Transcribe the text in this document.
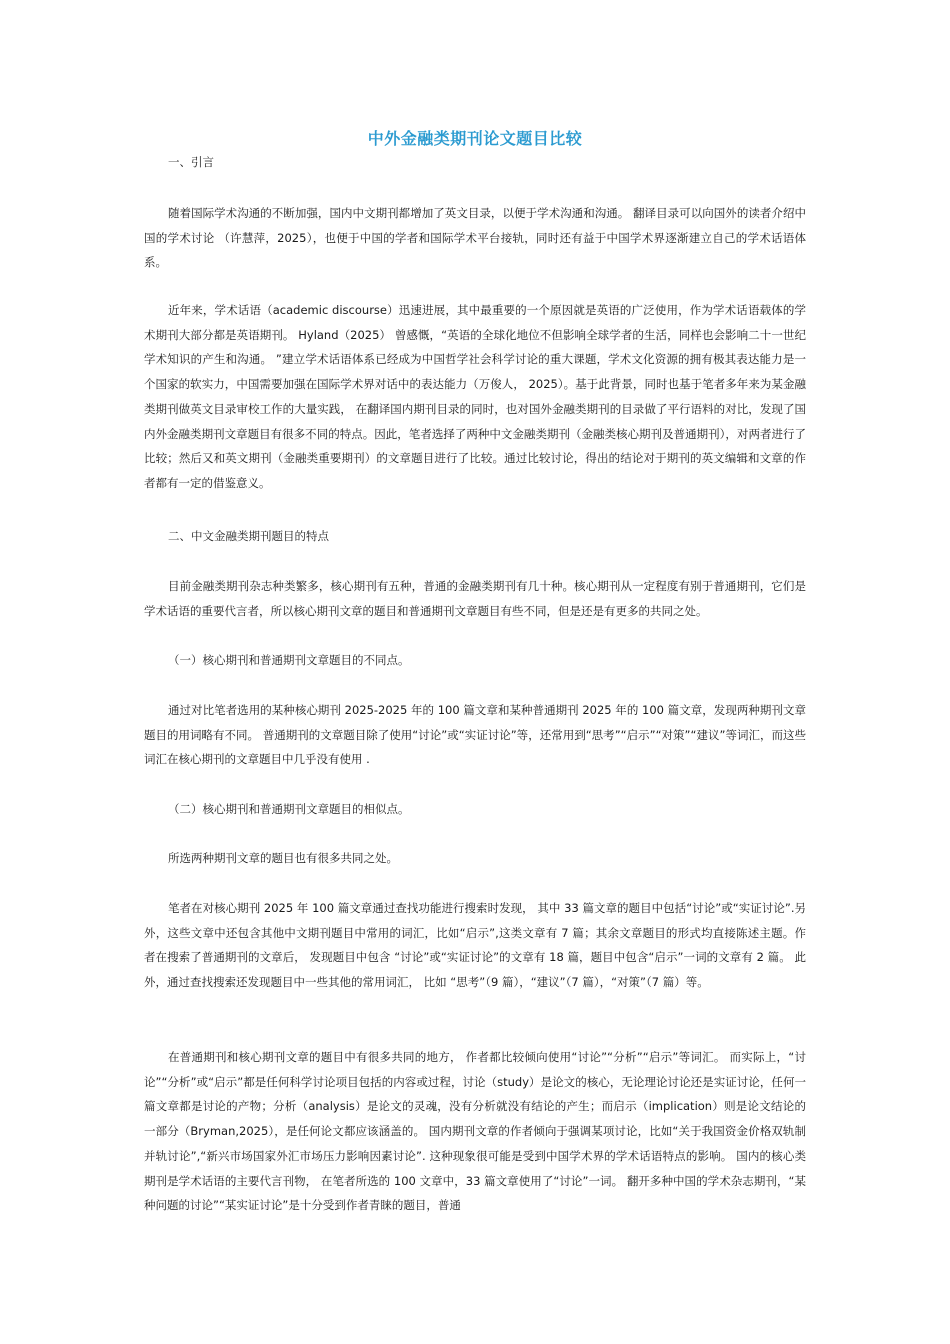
中外金融类期刊论文题目比较
一、引言
随着国际学术沟通的不断加强，国内中文期刊都增加了英文目录，以便于学术沟通和沟通。 翻译目录可以向国外的读者介绍中国的学术讨论 （许慧萍，2025），也便于中国的学者和国际学术平台接轨，同时还有益于中国学术界逐渐建立自己的学术话语体系。
近年来，学术话语（academic discourse）迅速进展，其中最重要的一个原因就是英语的广泛使用，作为学术话语载体的学术期刊大部分都是英语期刊。 Hyland（2025） 曾感慨，“英语的全球化地位不但影响全球学者的生活，同样也会影响二十一世纪学术知识的产生和沟通。 ”建立学术话语体系已经成为中国哲学社会科学讨论的重大课题，学术文化资源的拥有极其表达能力是一个国家的软实力，中国需要加强在国际学术界对话中的表达能力（万俊人， 2025）。基于此背景，同时也基于笔者多年来为某金融类期刊做英文目录审校工作的大量实践， 在翻译国内期刊目录的同时，也对国外金融类期刊的目录做了平行语料的对比，发现了国内外金融类期刊文章题目有很多不同的特点。因此，笔者选择了两种中文金融类期刊（金融类核心期刊及普通期刊），对两者进行了比较；然后又和英文期刊（金融类重要期刊）的文章题目进行了比较。通过比较讨论，得出的结论对于期刊的英文编辑和文章的作者都有一定的借鉴意义。
二、中文金融类期刊题目的特点
目前金融类期刊杂志种类繁多，核心期刊有五种，普通的金融类期刊有几十种。核心期刊从一定程度有别于普通期刊，它们是学术话语的重要代言者，所以核心期刊文章的题目和普通期刊文章题目有些不同，但是还是有更多的共同之处。
（一）核心期刊和普通期刊文章题目的不同点。
通过对比笔者选用的某种核心期刊 2025-2025 年的 100 篇文章和某种普通期刊 2025 年的 100 篇文章，发现两种期刊文章题目的用词略有不同。 普通期刊的文章题目除了使用“讨论”或“实证讨论”等，还常用到“思考”“启示”“对策”“建议”等词汇，而这些词汇在核心期刊的文章题目中几乎没有使用 .
（二）核心期刊和普通期刊文章题目的相似点。
所选两种期刊文章的题目也有很多共同之处。
笔者在对核心期刊 2025 年 100 篇文章通过查找功能进行搜索时发现， 其中 33 篇文章的题目中包括“讨论”或“实证讨论”.另外，这些文章中还包含其他中文期刊题目中常用的词汇，比如“启示”,这类文章有 7 篇；其余文章题目的形式均直接陈述主题。作者在搜索了普通期刊的文章后， 发现题目中包含 “讨论”或“实证讨论”的文章有 18 篇，题目中包含“启示”一词的文章有 2 篇。 此外，通过查找搜索还发现题目中一些其他的常用词汇， 比如 “思考”（9 篇），“建议”（7 篇），“对策”（7 篇）等。
在普通期刊和核心期刊文章的题目中有很多共同的地方， 作者都比较倾向使用“讨论”“分析”“启示”等词汇。 而实际上，“讨论”“分析”或“启示”都是任何科学讨论项目包括的内容或过程，讨论（study）是论文的核心，无论理论讨论还是实证讨论，任何一篇文章都是讨论的产物；分析（analysis）是论文的灵魂，没有分析就没有结论的产生；而启示（implication）则是论文结论的一部分（Bryman,2025），是任何论文都应该涵盖的。 国内期刊文章的作者倾向于强调某项讨论，比如“关于我国资金价格双轨制并轨讨论”,“新兴市场国家外汇市场压力影响因素讨论”. 这种现象很可能是受到中国学术界的学术话语特点的影响。 国内的核心类期刊是学术话语的主要代言刊物， 在笔者所选的 100 文章中，33 篇文章使用了“讨论”一词。 翻开多种中国的学术杂志期刊，“某种问题的讨论”“某实证讨论”是十分受到作者青睐的题目，普通
